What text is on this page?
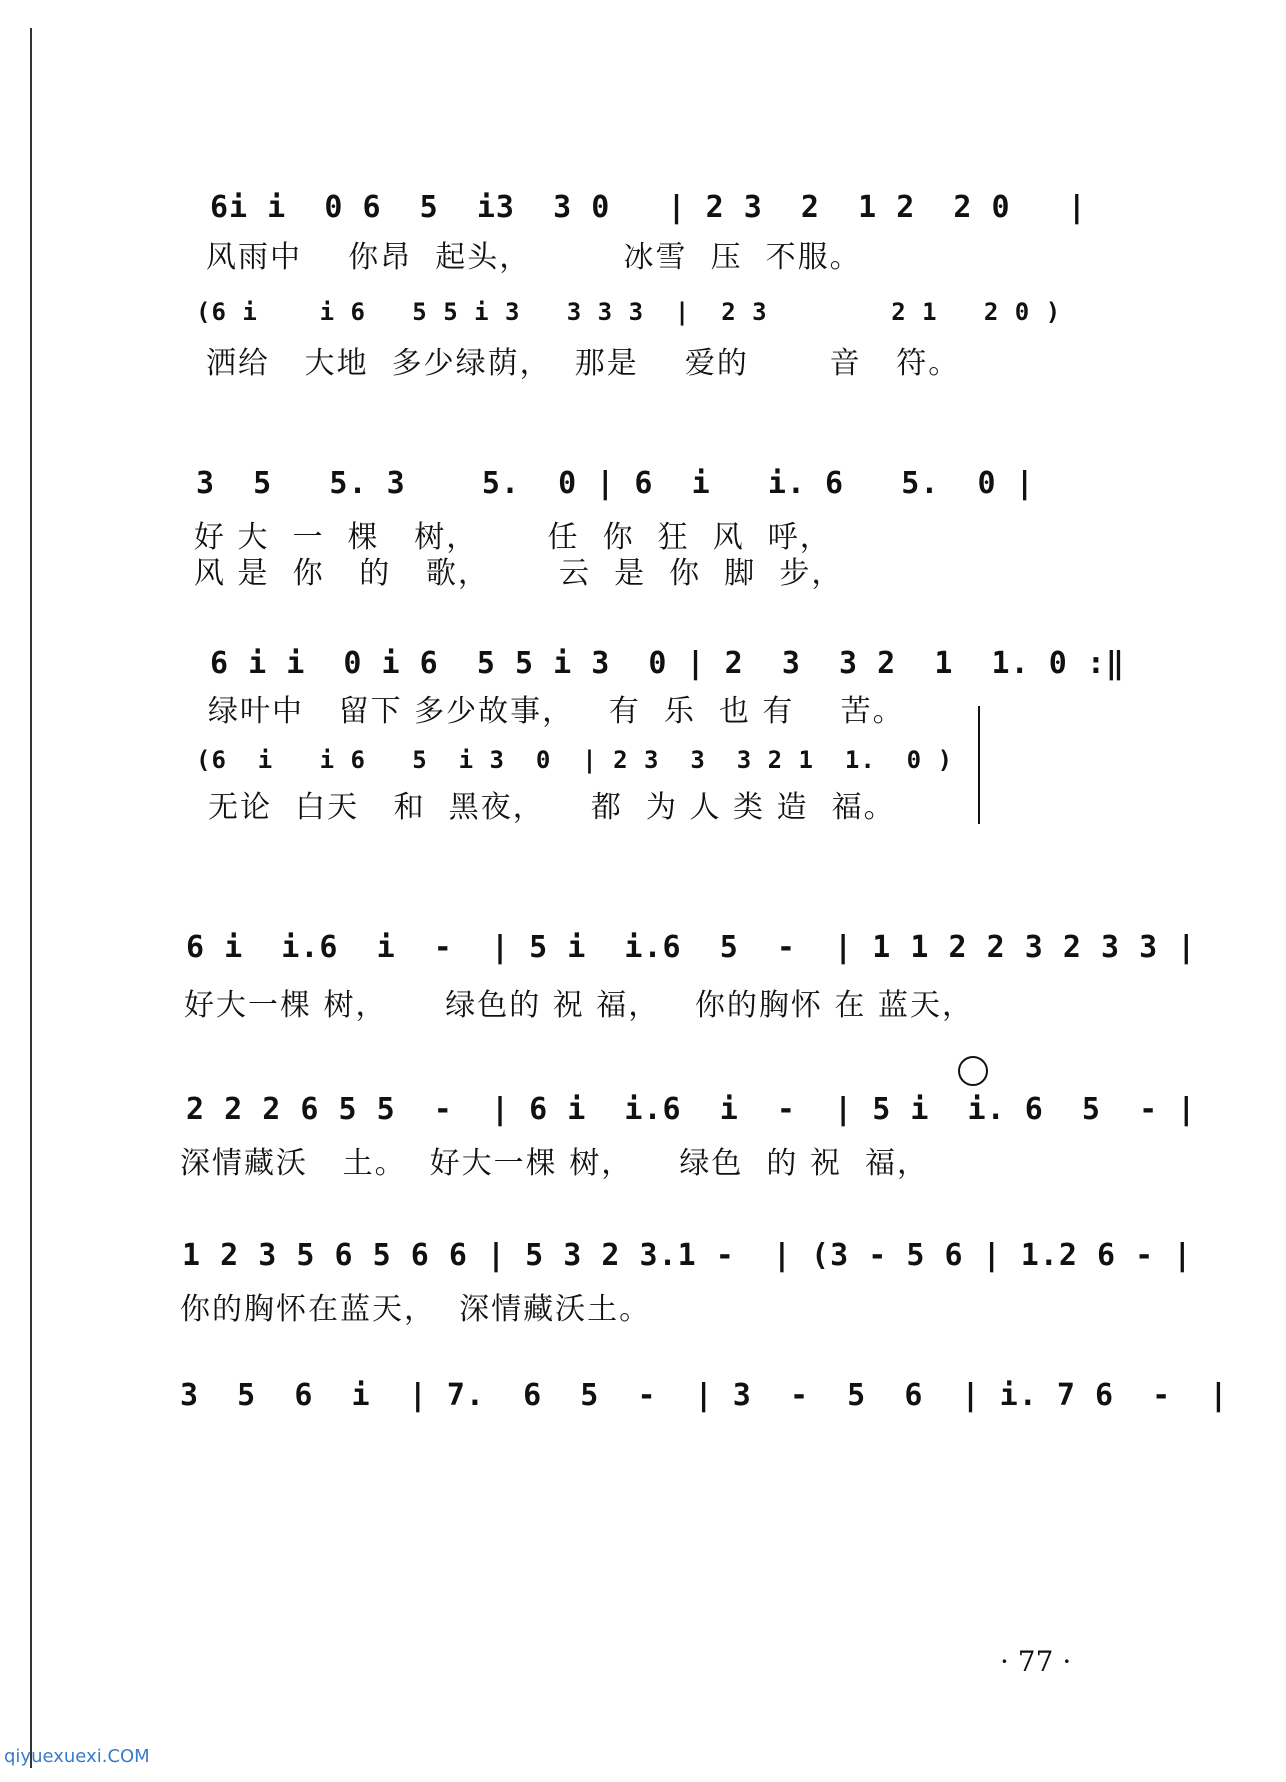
6i i  0 6  5  i3  3 0   | 2 3  2  1 2  2 0   |
风雨中    你昂  起头，        冰雪  压  不服。
(6 i    i 6   5 5 i 3   3 3 3  |  2 3        2 1   2 0 )
洒给   大地  多少绿荫，  那是    爱的       音   符。
3  5   5. 3    5.  0 | 6  i   i. 6   5.  0 |
好 大  一  棵   树，      任  你  狂  风  呼，
风 是  你   的   歌，      云  是  你  脚  步，
6 i i  0 i 6  5 5 i 3  0 | 2  3  3 2  1  1. 0 :‖
绿叶中   留下 多少故事，   有  乐  也 有    苦。
(6  i   i 6   5  i 3  0  | 2 3  3  3 2 1  1.  0 )
无论  白天   和  黑夜，    都  为 人 类 造  福。
6 i  i.6  i  -  | 5 i  i.6  5  -  | 1 1 2 2 3 2 3 3 |
好大一棵 树，     绿色的 祝 福，   你的胸怀 在 蓝天，
2 2 2 6 5 5  -  | 6 i  i.6  i  -  | 5 i  i. 6  5  - |
深情藏沃   土。  好大一棵 树，    绿色  的 祝  福，
1 2 3 5 6 5 6 6 | 5 3 2 3.1 -  | (3 - 5 6 | 1.2 6 - |
你的胸怀在蓝天，  深情藏沃土。
3  5  6  i  | 7.  6  5  -  | 3  -  5  6  | i. 7 6  -  |
· 77 ·
qiyuexuexi.COM
